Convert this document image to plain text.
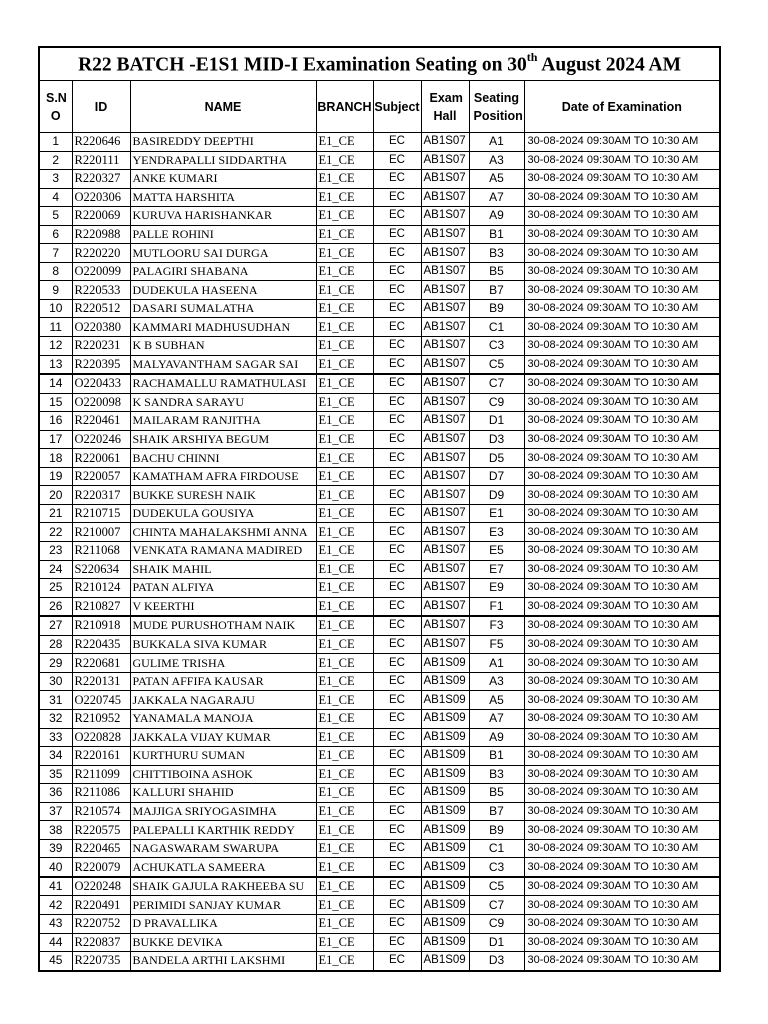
R22 BATCH -E1S1 MID-I Examination Seating on 30th August 2024 AM							
S.N O	ID	NAME	BRANCH	Subject	Exam Hall	Seating Position	Date of Examination
1	R220646	BASIREDDY DEEPTHI	E1_CE	EC	AB1S07	A1	30-08-2024 09:30AM TO 10:30 AM
2	R220111	YENDRAPALLI SIDDARTHA	E1_CE	EC	AB1S07	A3	30-08-2024 09:30AM TO 10:30 AM
3	R220327	ANKE KUMARI	E1_CE	EC	AB1S07	A5	30-08-2024 09:30AM TO 10:30 AM
4	O220306	MATTA HARSHITA	E1_CE	EC	AB1S07	A7	30-08-2024 09:30AM TO 10:30 AM
5	R220069	KURUVA HARISHANKAR	E1_CE	EC	AB1S07	A9	30-08-2024 09:30AM TO 10:30 AM
6	R220988	PALLE ROHINI	E1_CE	EC	AB1S07	B1	30-08-2024 09:30AM TO 10:30 AM
7	R220220	MUTLOORU SAI DURGA	E1_CE	EC	AB1S07	B3	30-08-2024 09:30AM TO 10:30 AM
8	O220099	PALAGIRI SHABANA	E1_CE	EC	AB1S07	B5	30-08-2024 09:30AM TO 10:30 AM
9	R220533	DUDEKULA HASEENA	E1_CE	EC	AB1S07	B7	30-08-2024 09:30AM TO 10:30 AM
10	R220512	DASARI SUMALATHA	E1_CE	EC	AB1S07	B9	30-08-2024 09:30AM TO 10:30 AM
11	O220380	KAMMARI MADHUSUDHAN	E1_CE	EC	AB1S07	C1	30-08-2024 09:30AM TO 10:30 AM
12	R220231	K B SUBHAN	E1_CE	EC	AB1S07	C3	30-08-2024 09:30AM TO 10:30 AM
13	R220395	MALYAVANTHAM SAGAR SAI	E1_CE	EC	AB1S07	C5	30-08-2024 09:30AM TO 10:30 AM
14	O220433	RACHAMALLU RAMATHULASI	E1_CE	EC	AB1S07	C7	30-08-2024 09:30AM TO 10:30 AM
15	O220098	K SANDRA SARAYU	E1_CE	EC	AB1S07	C9	30-08-2024 09:30AM TO 10:30 AM
16	R220461	MAILARAM RANJITHA	E1_CE	EC	AB1S07	D1	30-08-2024 09:30AM TO 10:30 AM
17	O220246	SHAIK ARSHIYA BEGUM	E1_CE	EC	AB1S07	D3	30-08-2024 09:30AM TO 10:30 AM
18	R220061	BACHU CHINNI	E1_CE	EC	AB1S07	D5	30-08-2024 09:30AM TO 10:30 AM
19	R220057	KAMATHAM AFRA FIRDOUSE	E1_CE	EC	AB1S07	D7	30-08-2024 09:30AM TO 10:30 AM
20	R220317	BUKKE SURESH NAIK	E1_CE	EC	AB1S07	D9	30-08-2024 09:30AM TO 10:30 AM
21	R210715	DUDEKULA GOUSIYA	E1_CE	EC	AB1S07	E1	30-08-2024 09:30AM TO 10:30 AM
22	R210007	CHINTA MAHALAKSHMI ANNA	E1_CE	EC	AB1S07	E3	30-08-2024 09:30AM TO 10:30 AM
23	R211068	VENKATA RAMANA MADIRED	E1_CE	EC	AB1S07	E5	30-08-2024 09:30AM TO 10:30 AM
24	S220634	SHAIK MAHIL	E1_CE	EC	AB1S07	E7	30-08-2024 09:30AM TO 10:30 AM
25	R210124	PATAN ALFIYA	E1_CE	EC	AB1S07	E9	30-08-2024 09:30AM TO 10:30 AM
26	R210827	V KEERTHI	E1_CE	EC	AB1S07	F1	30-08-2024 09:30AM TO 10:30 AM
27	R210918	MUDE PURUSHOTHAM NAIK	E1_CE	EC	AB1S07	F3	30-08-2024 09:30AM TO 10:30 AM
28	R220435	BUKKALA SIVA KUMAR	E1_CE	EC	AB1S07	F5	30-08-2024 09:30AM TO 10:30 AM
29	R220681	GULIME TRISHA	E1_CE	EC	AB1S09	A1	30-08-2024 09:30AM TO 10:30 AM
30	R220131	PATAN AFFIFA KAUSAR	E1_CE	EC	AB1S09	A3	30-08-2024 09:30AM TO 10:30 AM
31	O220745	JAKKALA NAGARAJU	E1_CE	EC	AB1S09	A5	30-08-2024 09:30AM TO 10:30 AM
32	R210952	YANAMALA MANOJA	E1_CE	EC	AB1S09	A7	30-08-2024 09:30AM TO 10:30 AM
33	O220828	JAKKALA VIJAY KUMAR	E1_CE	EC	AB1S09	A9	30-08-2024 09:30AM TO 10:30 AM
34	R220161	KURTHURU SUMAN	E1_CE	EC	AB1S09	B1	30-08-2024 09:30AM TO 10:30 AM
35	R211099	CHITTIBOINA ASHOK	E1_CE	EC	AB1S09	B3	30-08-2024 09:30AM TO 10:30 AM
36	R211086	KALLURI SHAHID	E1_CE	EC	AB1S09	B5	30-08-2024 09:30AM TO 10:30 AM
37	R210574	MAJJIGA SRIYOGASIMHA	E1_CE	EC	AB1S09	B7	30-08-2024 09:30AM TO 10:30 AM
38	R220575	PALEPALLI KARTHIK REDDY	E1_CE	EC	AB1S09	B9	30-08-2024 09:30AM TO 10:30 AM
39	R220465	NAGASWARAM SWARUPA	E1_CE	EC	AB1S09	C1	30-08-2024 09:30AM TO 10:30 AM
40	R220079	ACHUKATLA SAMEERA	E1_CE	EC	AB1S09	C3	30-08-2024 09:30AM TO 10:30 AM
41	O220248	SHAIK GAJULA RAKHEEBA SU	E1_CE	EC	AB1S09	C5	30-08-2024 09:30AM TO 10:30 AM
42	R220491	PERIMIDI SANJAY KUMAR	E1_CE	EC	AB1S09	C7	30-08-2024 09:30AM TO 10:30 AM
43	R220752	D PRAVALLIKA	E1_CE	EC	AB1S09	C9	30-08-2024 09:30AM TO 10:30 AM
44	R220837	BUKKE DEVIKA	E1_CE	EC	AB1S09	D1	30-08-2024 09:30AM TO 10:30 AM
45	R220735	BANDELA ARTHI LAKSHMI	E1_CE	EC	AB1S09	D3	30-08-2024 09:30AM TO 10:30 AM
